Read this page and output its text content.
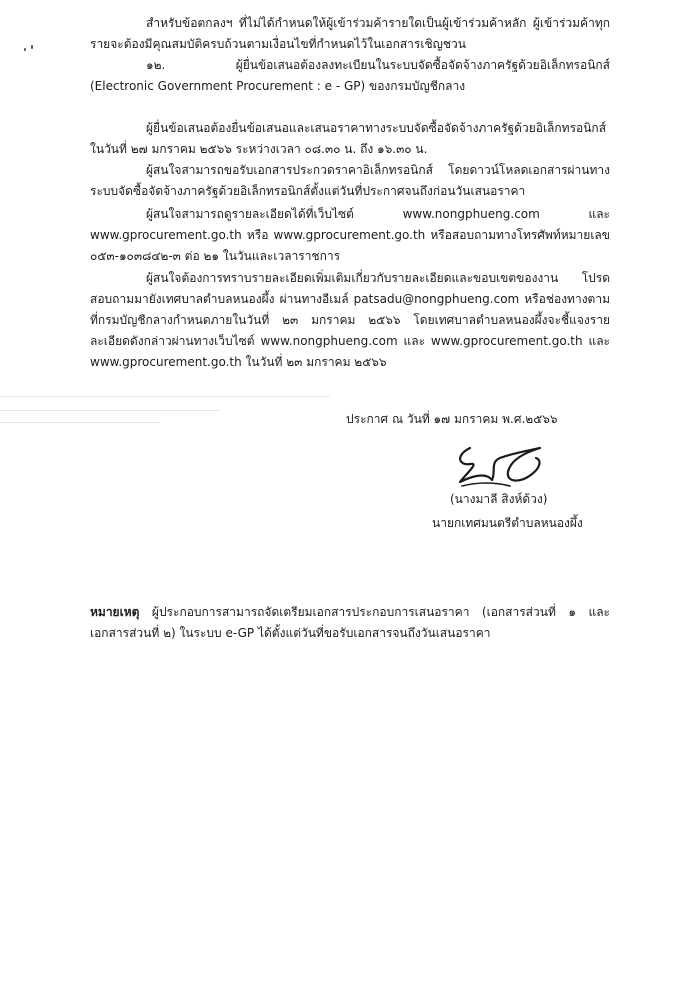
สำหรับข้อตกลงฯ ที่ไม่ได้กำหนดให้ผู้เข้าร่วมค้ารายใดเป็นผู้เข้าร่วมค้าหลัก ผู้เข้าร่วมค้าทุกรายจะต้องมีคุณสมบัติครบถ้วนตามเงื่อนไขที่กำหนดไว้ในเอกสารเชิญชวน
๑๒. ผู้ยื่นข้อเสนอต้องลงทะเบียนในระบบจัดซื้อจัดจ้างภาครัฐด้วยอิเล็กทรอนิกส์ (Electronic Government Procurement : e - GP) ของกรมบัญชีกลาง
ผู้ยื่นข้อเสนอต้องยื่นข้อเสนอและเสนอราคาทางระบบจัดซื้อจัดจ้างภาครัฐด้วยอิเล็กทรอนิกส์ ในวันที่ ๒๗ มกราคม ๒๕๖๖ ระหว่างเวลา ๐๘.๓๐ น. ถึง ๑๖.๓๐ น.
ผู้สนใจสามารถขอรับเอกสารประกวดราคาอิเล็กทรอนิกส์ โดยดาวน์โหลดเอกสารผ่านทางระบบจัดซื้อจัดจ้างภาครัฐด้วยอิเล็กทรอนิกส์ตั้งแต่วันที่ประกาศจนถึงก่อนวันเสนอราคา
ผู้สนใจสามารถดูรายละเอียดได้ที่เว็บไซต์ www.nongphueng.com และ www.gprocurement.go.th หรือ www.gprocurement.go.th หรือสอบถามทางโทรศัพท์หมายเลข ๐๕๓-๑๐๓๘๔๒-๓ ต่อ ๒๑ ในวันและเวลาราชการ
ผู้สนใจต้องการทราบรายละเอียดเพิ่มเติมเกี่ยวกับรายละเอียดและขอบเขตของงาน โปรดสอบถามมายังเทศบาลตำบลหนองผึ้ง ผ่านทางอีเมล์ patsadu@nongphueng.com หรือช่องทางตามที่กรมบัญชีกลางกำหนดภายในวันที่ ๒๓ มกราคม ๒๕๖๖ โดยเทศบาลตำบลหนองผึ้งจะชี้แจงรายละเอียดดังกล่าวผ่านทางเว็บไซต์ www.nongphueng.com และ www.gprocurement.go.th และ www.gprocurement.go.th ในวันที่ ๒๓ มกราคม ๒๕๖๖
ประกาศ ณ วันที่ ๑๗ มกราคม พ.ศ.๒๕๖๖
(นางมาลี สิงห์ด้วง)
นายกเทศมนตรีตำบลหนองผึ้ง
หมายเหตุ ผู้ประกอบการสามารถจัดเตรียมเอกสารประกอบการเสนอราคา (เอกสารส่วนที่ ๑ และเอกสารส่วนที่ ๒) ในระบบ e-GP ได้ตั้งแต่วันที่ขอรับเอกสารจนถึงวันเสนอราคา
